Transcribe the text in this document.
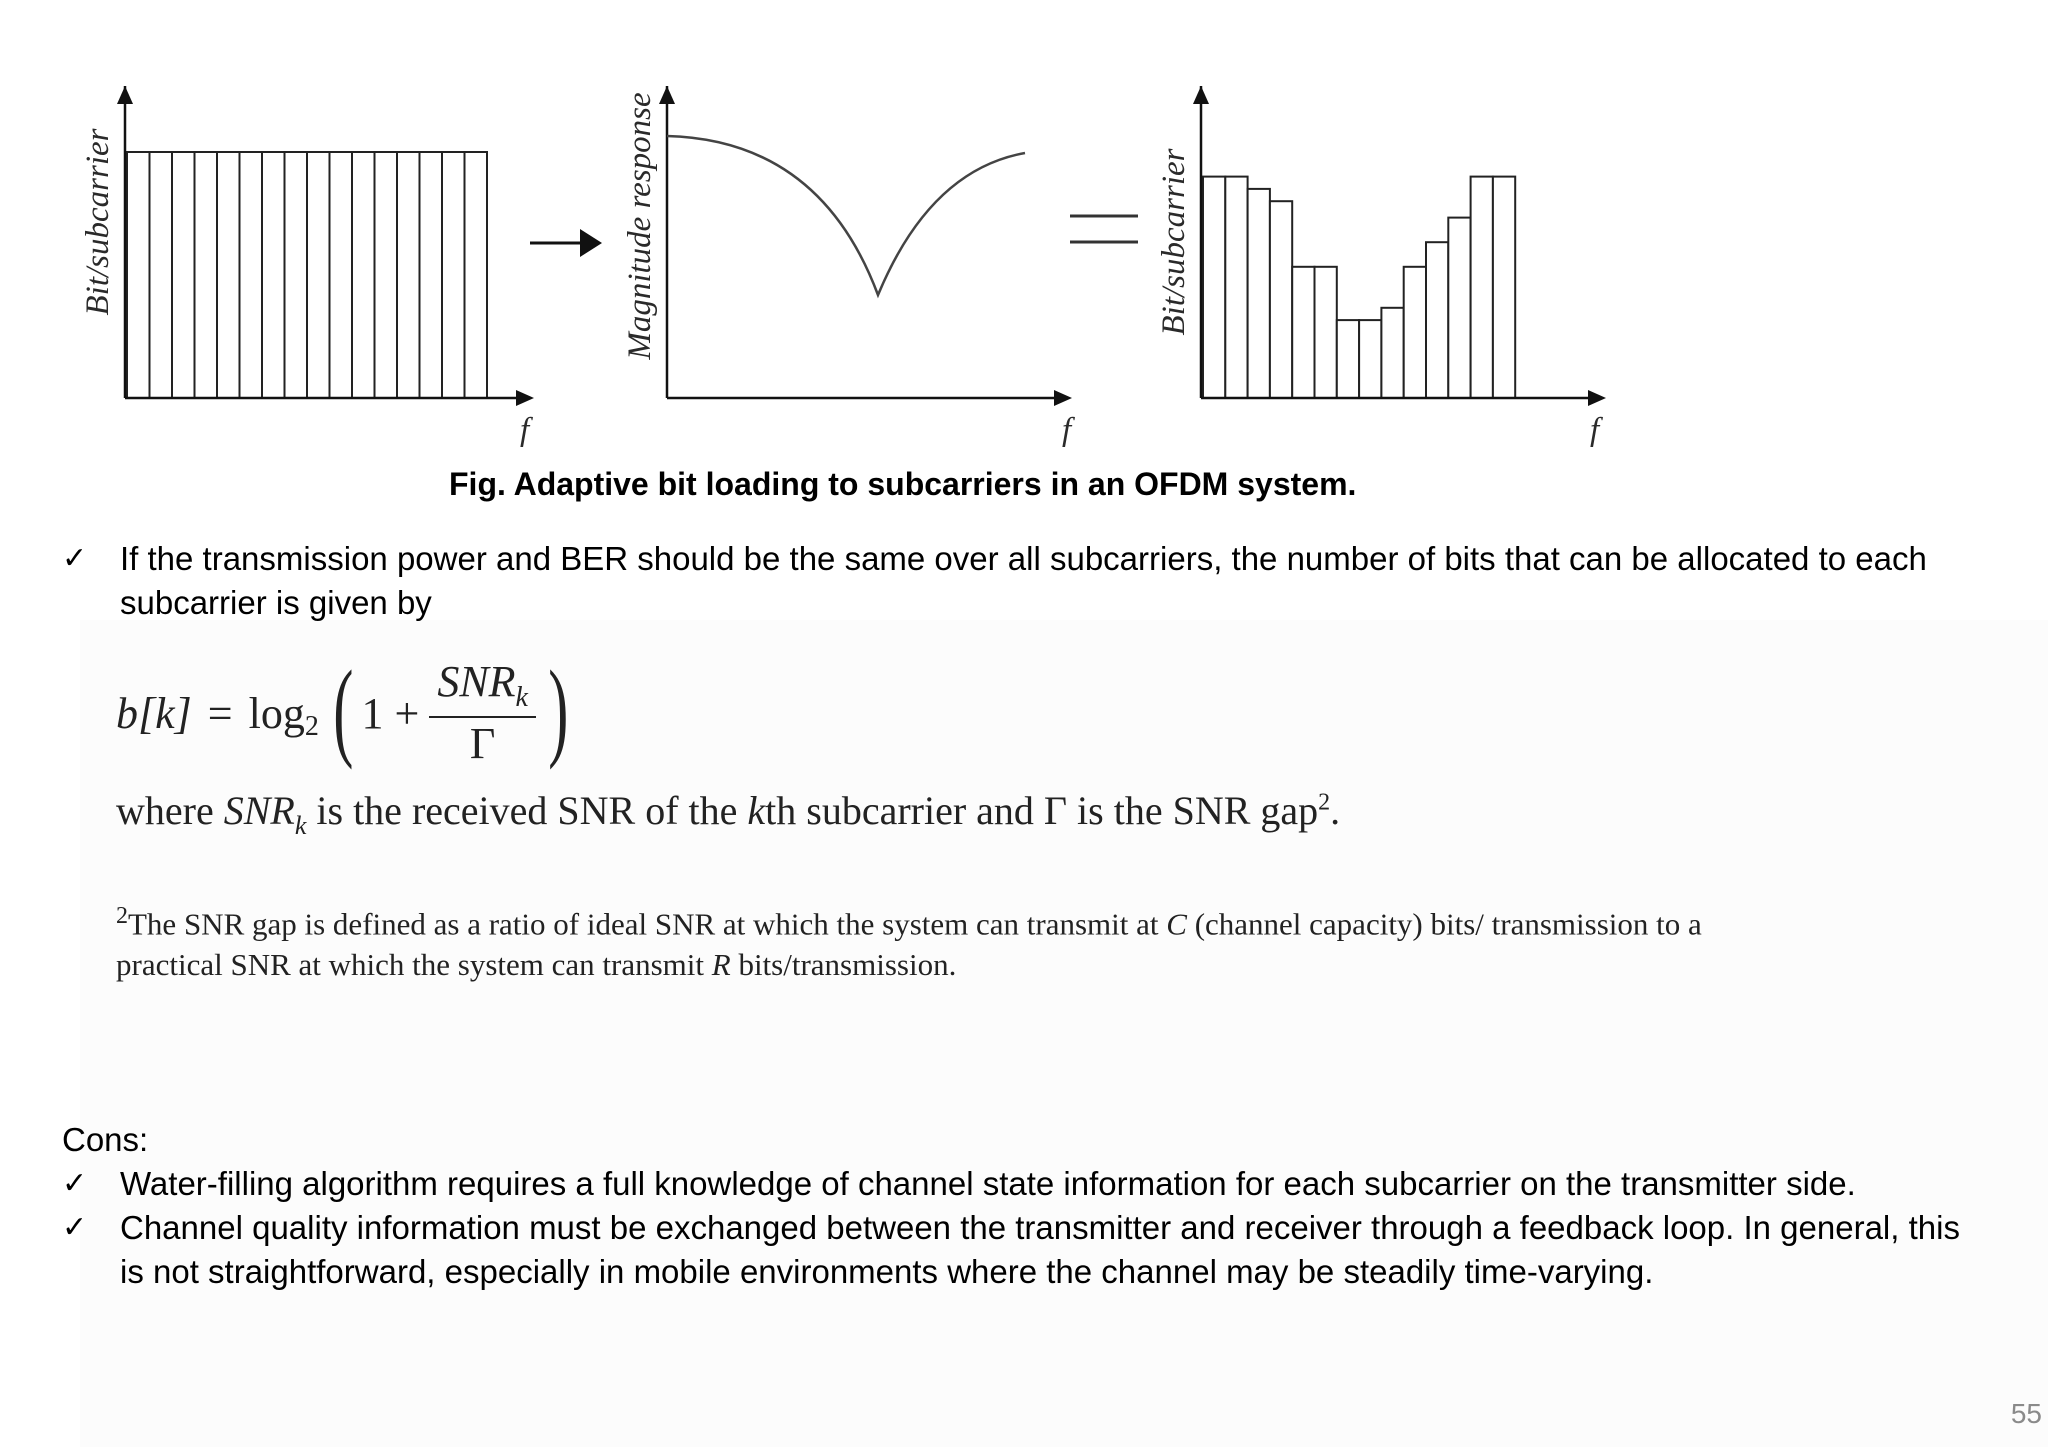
Bit/subcarrier
f
Magnitude response
f
Bit/subcarrier
f

Fig. Adaptive bit loading to subcarriers in an OFDM system.

✓ If the transmission power and BER should be the same over all subcarriers, the number of bits that can be allocated to each subcarrier is given by

b[k] = log 2 ( $1 + \frac{SNR_k}{\Gamma}$ )

where $SNR_k$ is the received SNR of the kth subcarrier and Γ is the SNR gap$^2$.

$^2$The SNR gap is defined as a ratio of ideal SNR at which the system can transmit at C (channel capacity) bits/ transmission to a practical SNR at which the system can transmit R bits/transmission.

Cons:

✓ Water-filling algorithm requires a full knowledge of channel state information for each subcarrier on the transmitter side.

✓ Channel quality information must be exchanged between the transmitter and receiver through a feedback loop. In general, this is not straightforward, especially in mobile environments where the channel may be steadily time-varying.

55
